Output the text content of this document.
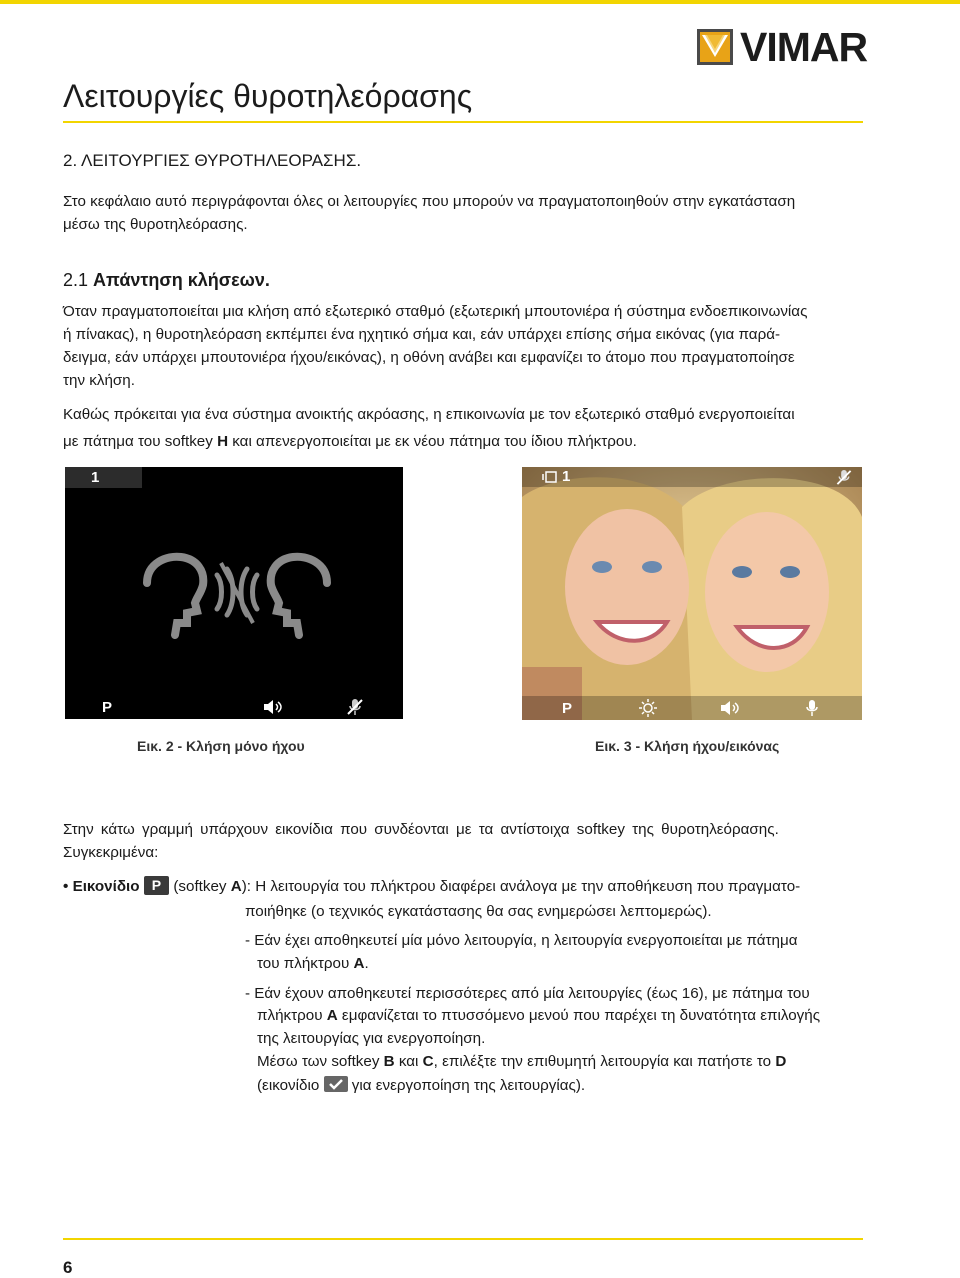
VIMAR
Λειτουργίες θυροτηλεόρασης
2. ΛΕΙΤΟΥΡΓΙΕΣ ΘΥΡΟΤΗΛΕΟΡΑΣΗΣ.
Στο κεφάλαιο αυτό περιγράφονται όλες οι λειτουργίες που μπορούν να πραγματοποιηθούν στην εγκατάσταση
μέσω της θυροτηλεόρασης.
2.1 Απάντηση κλήσεων.
Όταν πραγματοποιείται μια κλήση από εξωτερικό σταθμό (εξωτερική μπουτονιέρα ή σύστημα ενδοεπικοινωνίας
ή πίνακας), η θυροτηλεόραση εκπέμπει ένα ηχητικό σήμα και, εάν υπάρχει επίσης σήμα εικόνας (για παρά-
δειγμα, εάν υπάρχει μπουτονιέρα ήχου/εικόνας), η οθόνη ανάβει και εμφανίζει το άτομο που πραγματοποίησε
την κλήση.
Καθώς πρόκειται για ένα σύστημα ανοικτής ακρόασης, η επικοινωνία με τον εξωτερικό σταθμό ενεργοποιείται
με πάτημα του softkey H και απενεργοποιείται με εκ νέου πάτημα του ίδιου πλήκτρου.
1
P
Εικ. 2 - Κλήση μόνο ήχου
1
P
Εικ. 3 - Κλήση ήχου/εικόνας
Στην κάτω γραμμή υπάρχουν εικονίδια που συνδέονται με τα αντίστοιχα softkey της θυροτηλεόρασης.
Συγκεκριμένα:
• Εικονίδιο P (softkey A): Η λειτουργία του πλήκτρου διαφέρει ανάλογα με την αποθήκευση που πραγματο-
ποιήθηκε (ο τεχνικός εγκατάστασης θα σας ενημερώσει λεπτομερώς).
- Εάν έχει αποθηκευτεί μία μόνο λειτουργία, η λειτουργία ενεργοποιείται με πάτημα
του πλήκτρου A.
- Εάν έχουν αποθηκευτεί περισσότερες από μία λειτουργίες (έως 16), με πάτημα του
πλήκτρου A εμφανίζεται το πτυσσόμενο μενού που παρέχει τη δυνατότητα επιλογής
της λειτουργίας για ενεργοποίηση.
Μέσω των softkey B και C, επιλέξτε την επιθυμητή λειτουργία και πατήστε το D
(εικονίδιο
για ενεργοποίηση της λειτουργίας).
6
